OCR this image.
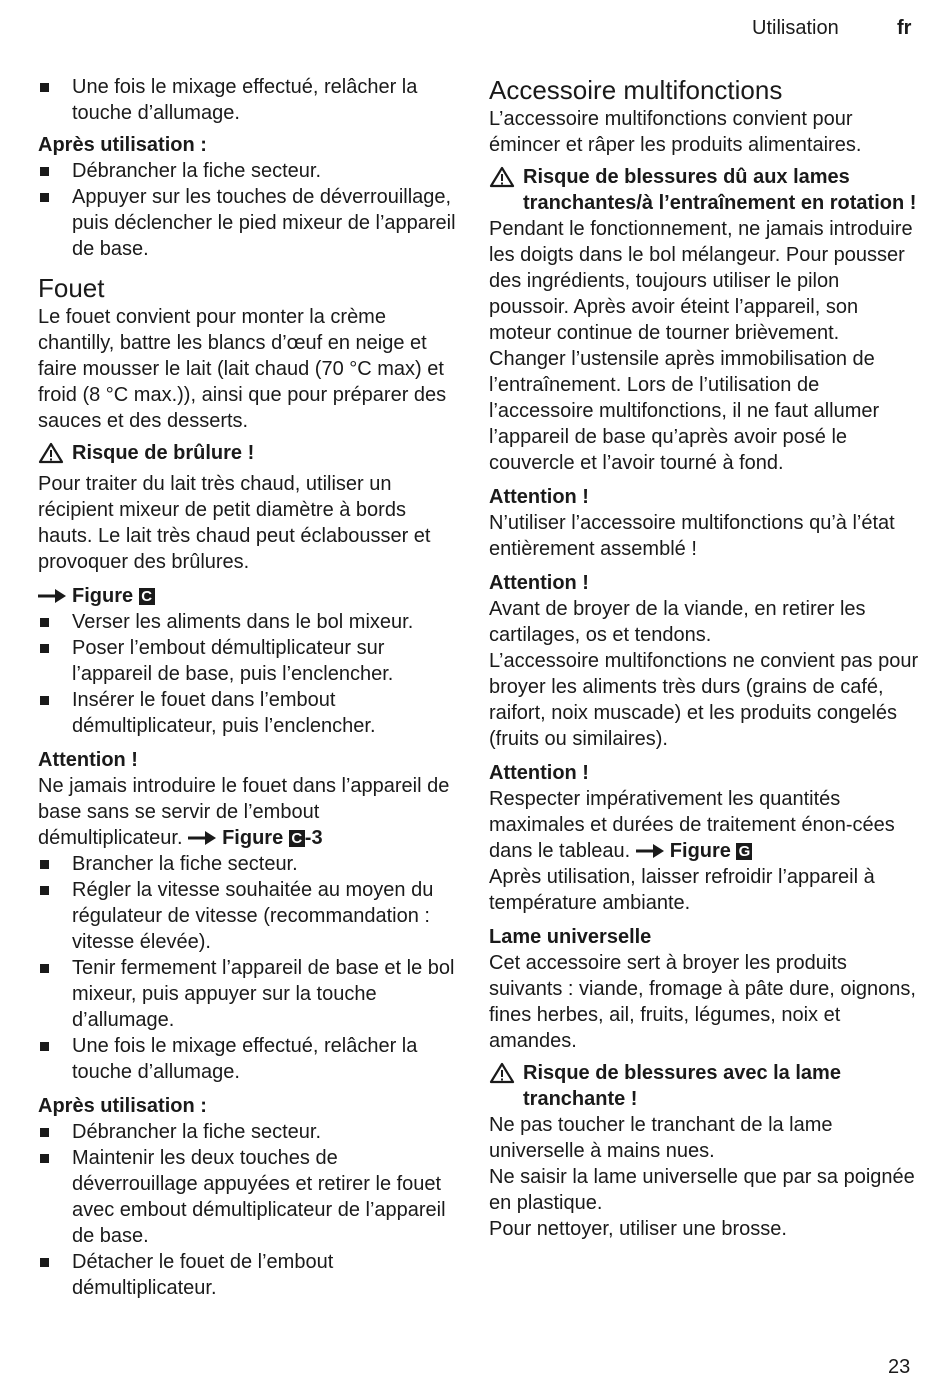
Utilisation	fr
Une fois le mixage effectué, relâcher la touche d’allumage.

Après utilisation :

Débrancher la fiche secteur.
Appuyer sur les touches de déverrouillage, puis déclencher le pied mixeur de l’appareil de base.
Fouet

Le fouet convient pour monter la crème chantilly, battre les blancs d’œuf en neige et faire mousser le lait (lait chaud (70 °C max) et froid (8 °C max.)), ainsi que pour préparer des sauces et des desserts.

Risque de brûlure !

Pour traiter du lait très chaud, utiliser un récipient mixeur de petit diamètre à bords hauts. Le lait très chaud peut éclabousser et provoquer des brûlures.

Figure C

Verser les aliments dans le bol mixeur.
Poser l’embout démultiplicateur sur l’appareil de base, puis l’enclencher.
Insérer le fouet dans l’embout démultiplicateur, puis l’enclencher.

Attention !

Ne jamais introduire le fouet dans l’appareil de base sans se servir de l’embout démultiplicateur. Figure C -3

Brancher la fiche secteur.
Régler la vitesse souhaitée au moyen du régulateur de vitesse (recommandation : vitesse élevée).
Tenir fermement l’appareil de base et le bol mixeur, puis appuyer sur la touche d’allumage.
Une fois le mixage effectué, relâcher la touche d’allumage.

Après utilisation :

Débrancher la fiche secteur.
Maintenir les deux touches de déverrouillage appuyées et retirer le fouet avec embout démultiplicateur de l’appareil de base.
Détacher le fouet de l’embout démultiplicateur.
Accessoire multifonctions

L’accessoire multifonctions convient pour émincer et râper les produits alimentaires.

Risque de blessures dû aux lames tranchantes/à l’entraînement en rotation !

Pendant le fonctionnement, ne jamais introduire les doigts dans le bol mélangeur. Pour pousser des ingrédients, toujours utiliser le pilon poussoir. Après avoir éteint l’appareil, son moteur continue de tourner brièvement. Changer l’ustensile après immobilisation de l’entraînement. Lors de l’utilisation de l’accessoire multifonctions, il ne faut allumer l’appareil de base qu’après avoir posé le couvercle et l’avoir tourné à fond.

Attention !

N’utiliser l’accessoire multifonctions qu’à l’état entièrement assemblé !

Attention !

Avant de broyer de la viande, en retirer les cartilages, os et tendons.

L’accessoire multifonctions ne convient pas pour broyer les aliments très durs (grains de café, raifort, noix muscade) et les produits congelés (fruits ou similaires).

Attention !

Respecter impérativement les quantités maximales et durées de traitement énon-cées dans le tableau. Figure G

Après utilisation, laisser refroidir l’appareil à température ambiante.

Lame universelle

Cet accessoire sert à broyer les produits suivants : viande, fromage à pâte dure, oignons, fines herbes, ail, fruits, légumes, noix et amandes.

Risque de blessures avec la lame tranchante !

Ne pas toucher le tranchant de la lame universelle à mains nues.

Ne saisir la lame universelle que par sa poignée en plastique.

Pour nettoyer, utiliser une brosse.

23
